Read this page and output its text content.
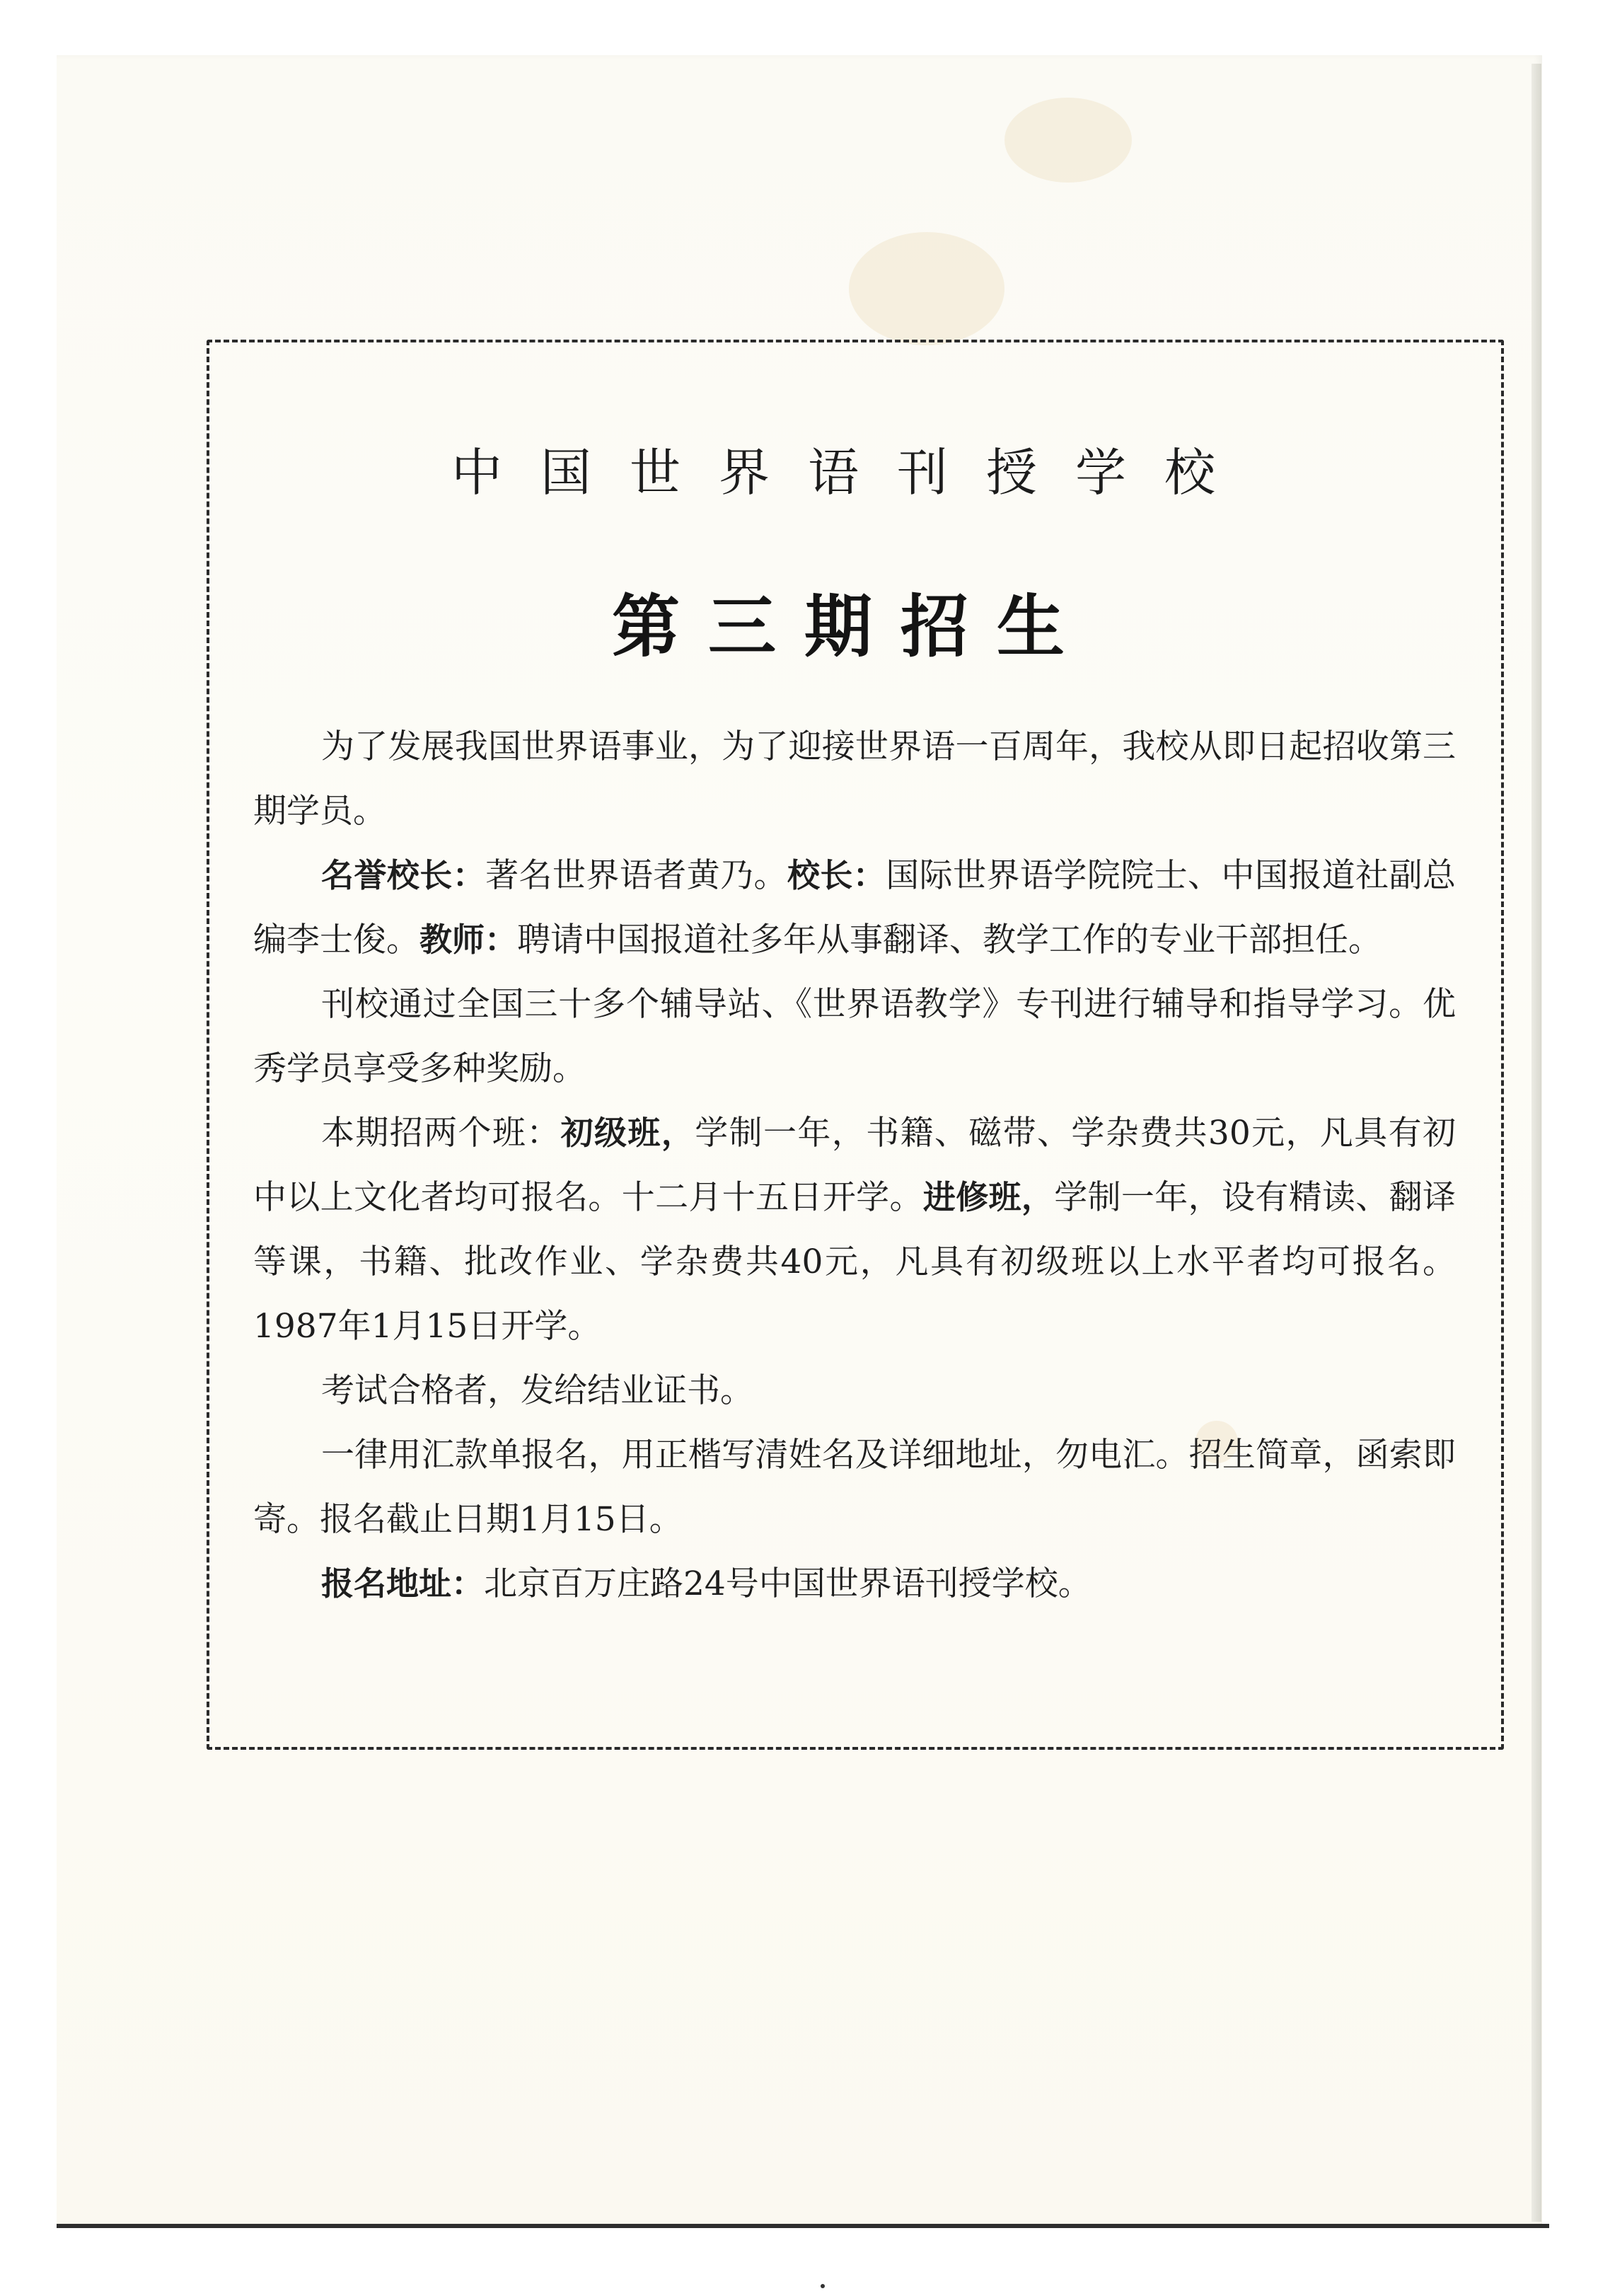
中国世界语刊授学校
第三期招生

为了发展我国世界语事业，为了迎接世界语一百周年，我校从即日起招收第三期学员。

名誉校长：著名世界语者黄乃。校长：国际世界语学院院士、中国报道社副总编李士俊。教师：聘请中国报道社多年从事翻译、教学工作的专业干部担任。

刊校通过全国三十多个辅导站、《世界语教学》专刊进行辅导和指导学习。优秀学员享受多种奖励。

本期招两个班：初级班，学制一年，书籍、磁带、学杂费共30元，凡具有初中以上文化者均可报名。十二月十五日开学。进修班，学制一年，设有精读、翻译等课，书籍、批改作业、学杂费共40元，凡具有初级班以上水平者均可报名。1987年1月15日开学。

考试合格者，发给结业证书。

一律用汇款单报名，用正楷写清姓名及详细地址，勿电汇。招生简章，函索即寄。报名截止日期1月15日。

报名地址：北京百万庄路24号中国世界语刊授学校。
